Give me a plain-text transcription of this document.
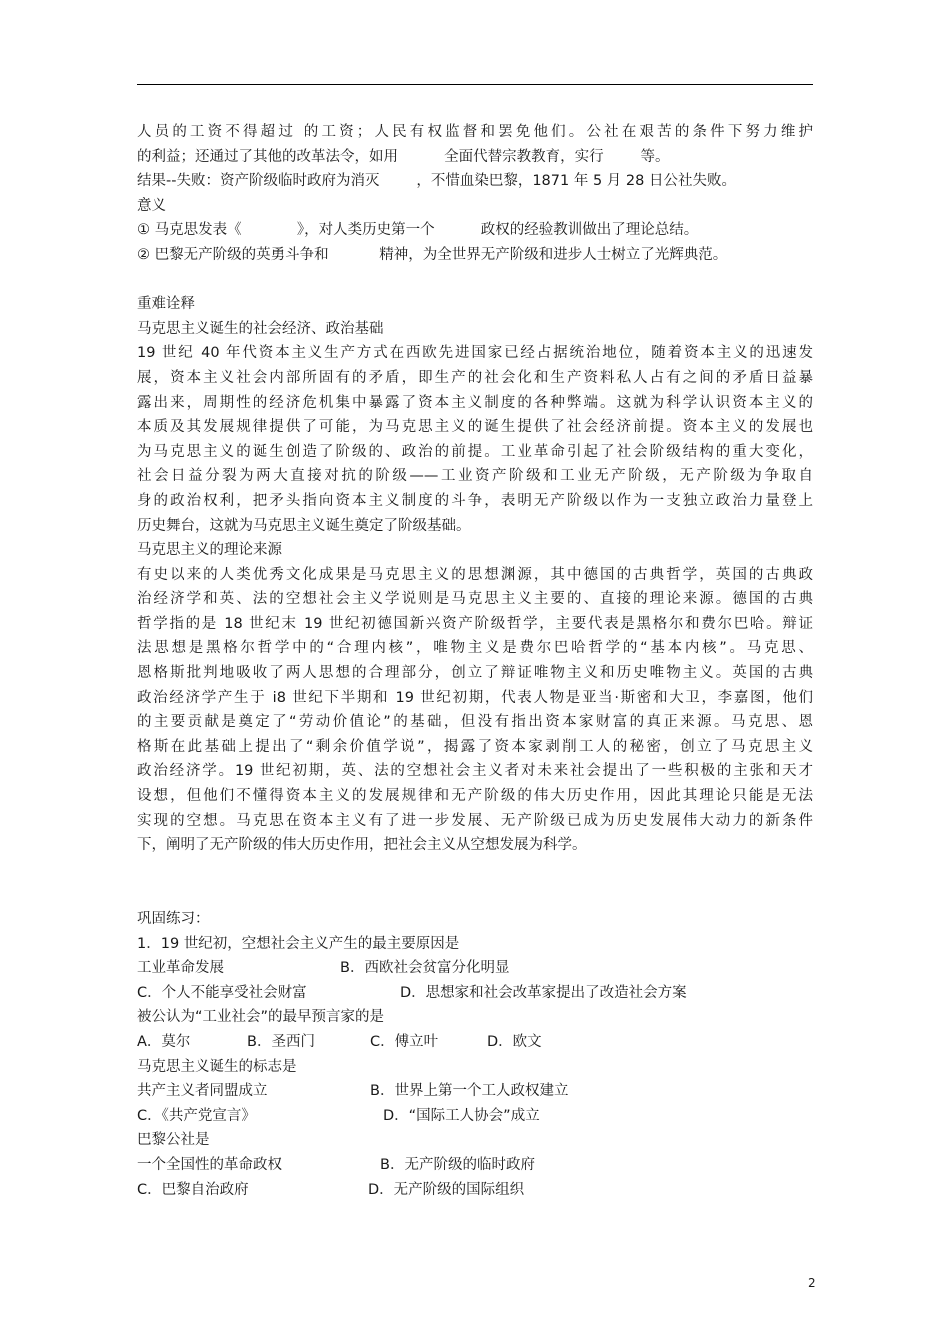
人员的工资不得超过 的工资；人民有权监督和罢免他们。公社在艰苦的条件下努力维护
的利益；还通过了其他的改革法令，如用          全面代替宗教教育，实行        等。
结果--失败：资产阶级临时政府为消灭        ，不惜血染巴黎，1871 年 5 月 28 日公社失败。
意义
① 马克思发表《            》，对人类历史第一个          政权的经验教训做出了理论总结。
② 巴黎无产阶级的英勇斗争和           精神，为全世界无产阶级和进步人士树立了光辉典范。
重难诠释
马克思主义诞生的社会经济、政治基础
19 世纪 40 年代资本主义生产方式在西欧先进国家已经占据统治地位，随着资本主义的迅速发
展，资本主义社会内部所固有的矛盾，即生产的社会化和生产资料私人占有之间的矛盾日益暴
露出来，周期性的经济危机集中暴露了资本主义制度的各种弊端。这就为科学认识资本主义的
本质及其发展规律提供了可能，为马克思主义的诞生提供了社会经济前提。资本主义的发展也
为马克思主义的诞生创造了阶级的、政治的前提。工业革命引起了社会阶级结构的重大变化，
社会日益分裂为两大直接对抗的阶级——工业资产阶级和工业无产阶级，无产阶级为争取自
身的政治权利，把矛头指向资本主义制度的斗争，表明无产阶级以作为一支独立政治力量登上
历史舞台，这就为马克思主义诞生奠定了阶级基础。
马克思主义的理论来源
有史以来的人类优秀文化成果是马克思主义的思想渊源，其中德国的古典哲学，英国的古典政
治经济学和英、法的空想社会主义学说则是马克思主义主要的、直接的理论来源。德国的古典
哲学指的是 18 世纪末 19 世纪初德国新兴资产阶级哲学，主要代表是黑格尔和费尔巴哈。辩证
法思想是黑格尔哲学中的“合理内核”，唯物主义是费尔巴哈哲学的“基本内核”。马克思、
恩格斯批判地吸收了两人思想的合理部分，创立了辩证唯物主义和历史唯物主义。英国的古典
政治经济学产生于 i8 世纪下半期和 19 世纪初期，代表人物是亚当·斯密和大卫，李嘉图，他们
的主要贡献是奠定了“劳动价值论”的基础，但没有指出资本家财富的真正来源。马克思、恩
格斯在此基础上提出了“剩余价值学说”，揭露了资本家剥削工人的秘密，创立了马克思主义
政治经济学。19 世纪初期，英、法的空想社会主义者对未来社会提出了一些积极的主张和天才
设想，但他们不懂得资本主义的发展规律和无产阶级的伟大历史作用，因此其理论只能是无法
实现的空想。马克思在资本主义有了进一步发展、无产阶级已成为历史发展伟大动力的新条件
下，阐明了无产阶级的伟大历史作用，把社会主义从空想发展为科学。
巩固练习：
1．19 世纪初，空想社会主义产生的最主要原因是

工业革命发展

	B．西欧社会贫富分化明显

C．个人不能享受社会财富

	D．思想家和社会改革家提出了改造社会方案

被公认为“工业社会”的最早预言家的是

A．莫尔

	B．圣西门

	C．傅立叶

	D．欧文

马克思主义诞生的标志是

共产主义者同盟成立

	B．世界上第一个工人政权建立

C．《共产党宣言》

	D．“国际工人协会”成立

巴黎公社是

一个全国性的革命政权

	B．无产阶级的临时政府

C．巴黎自治政府

	D．无产阶级的国际组织

2
